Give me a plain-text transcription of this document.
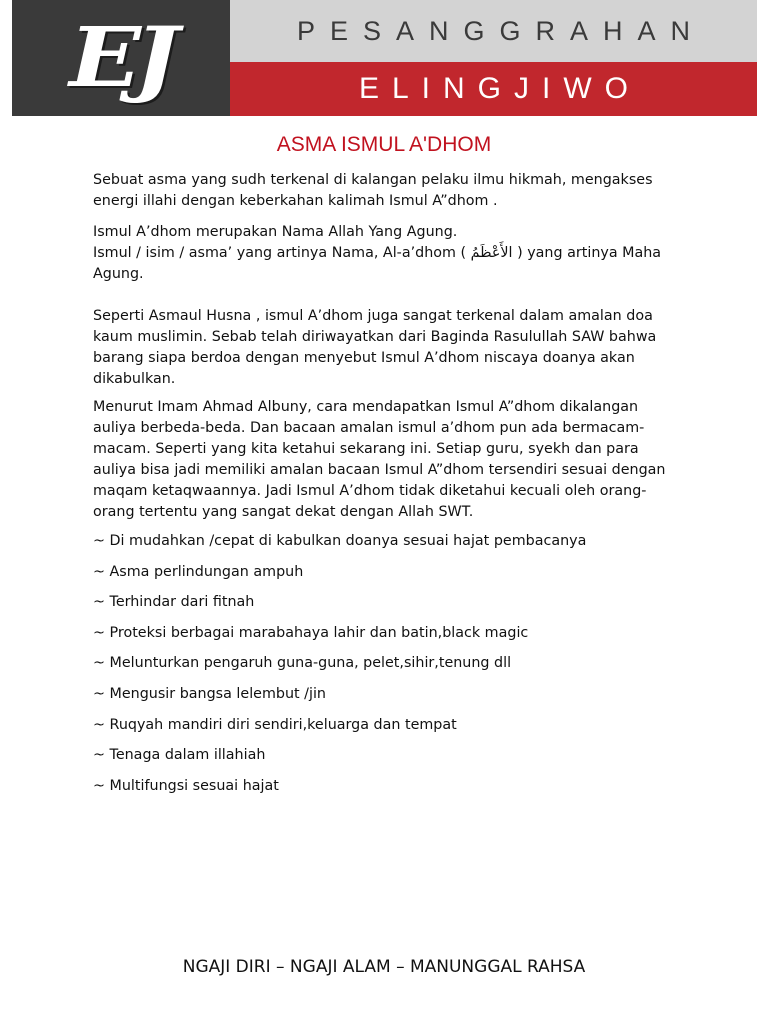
EJ	PESANGGRAHAN
ELINGJIWO
ASMA ISMUL A'DHOM

Sebuat asma yang sudh terkenal di kalangan pelaku ilmu hikmah, mengakses energi illahi dengan keberkahan kalimah Ismul A”dhom .

Ismul A’dhom merupakan Nama Allah Yang Agung.

Ismul / isim / asma’ yang artinya Nama, Al-a’dhom ( الأَعْظَمُ ) yang artinya Maha Agung.

Seperti Asmaul Husna , ismul A’dhom juga sangat terkenal dalam amalan doa kaum muslimin. Sebab telah diriwayatkan dari Baginda Rasulullah SAW bahwa barang siapa berdoa dengan menyebut Ismul A’dhom niscaya doanya akan dikabulkan.

Menurut Imam Ahmad Albuny, cara mendapatkan Ismul A”dhom dikalangan auliya berbeda-beda. Dan bacaan amalan ismul a’dhom pun ada bermacam-macam. Seperti yang kita ketahui sekarang ini. Setiap guru, syekh dan para auliya bisa jadi memiliki amalan bacaan Ismul A”dhom tersendiri sesuai dengan maqam ketaqwaannya. Jadi Ismul A’dhom tidak diketahui kecuali oleh orang-orang tertentu yang sangat dekat dengan Allah SWT.

~ Di mudahkan /cepat di kabulkan doanya sesuai hajat pembacanya
~ Asma perlindungan ampuh
~ Terhindar dari fitnah
~ Proteksi berbagai marabahaya lahir dan batin,black magic
~ Melunturkan pengaruh guna-guna, pelet,sihir,tenung dll
~ Mengusir bangsa lelembut /jin
~ Ruqyah mandiri diri sendiri,keluarga dan tempat
~ Tenaga dalam illahiah
~ Multifungsi sesuai hajat
NGAJI DIRI – NGAJI ALAM – MANUNGGAL RAHSA
